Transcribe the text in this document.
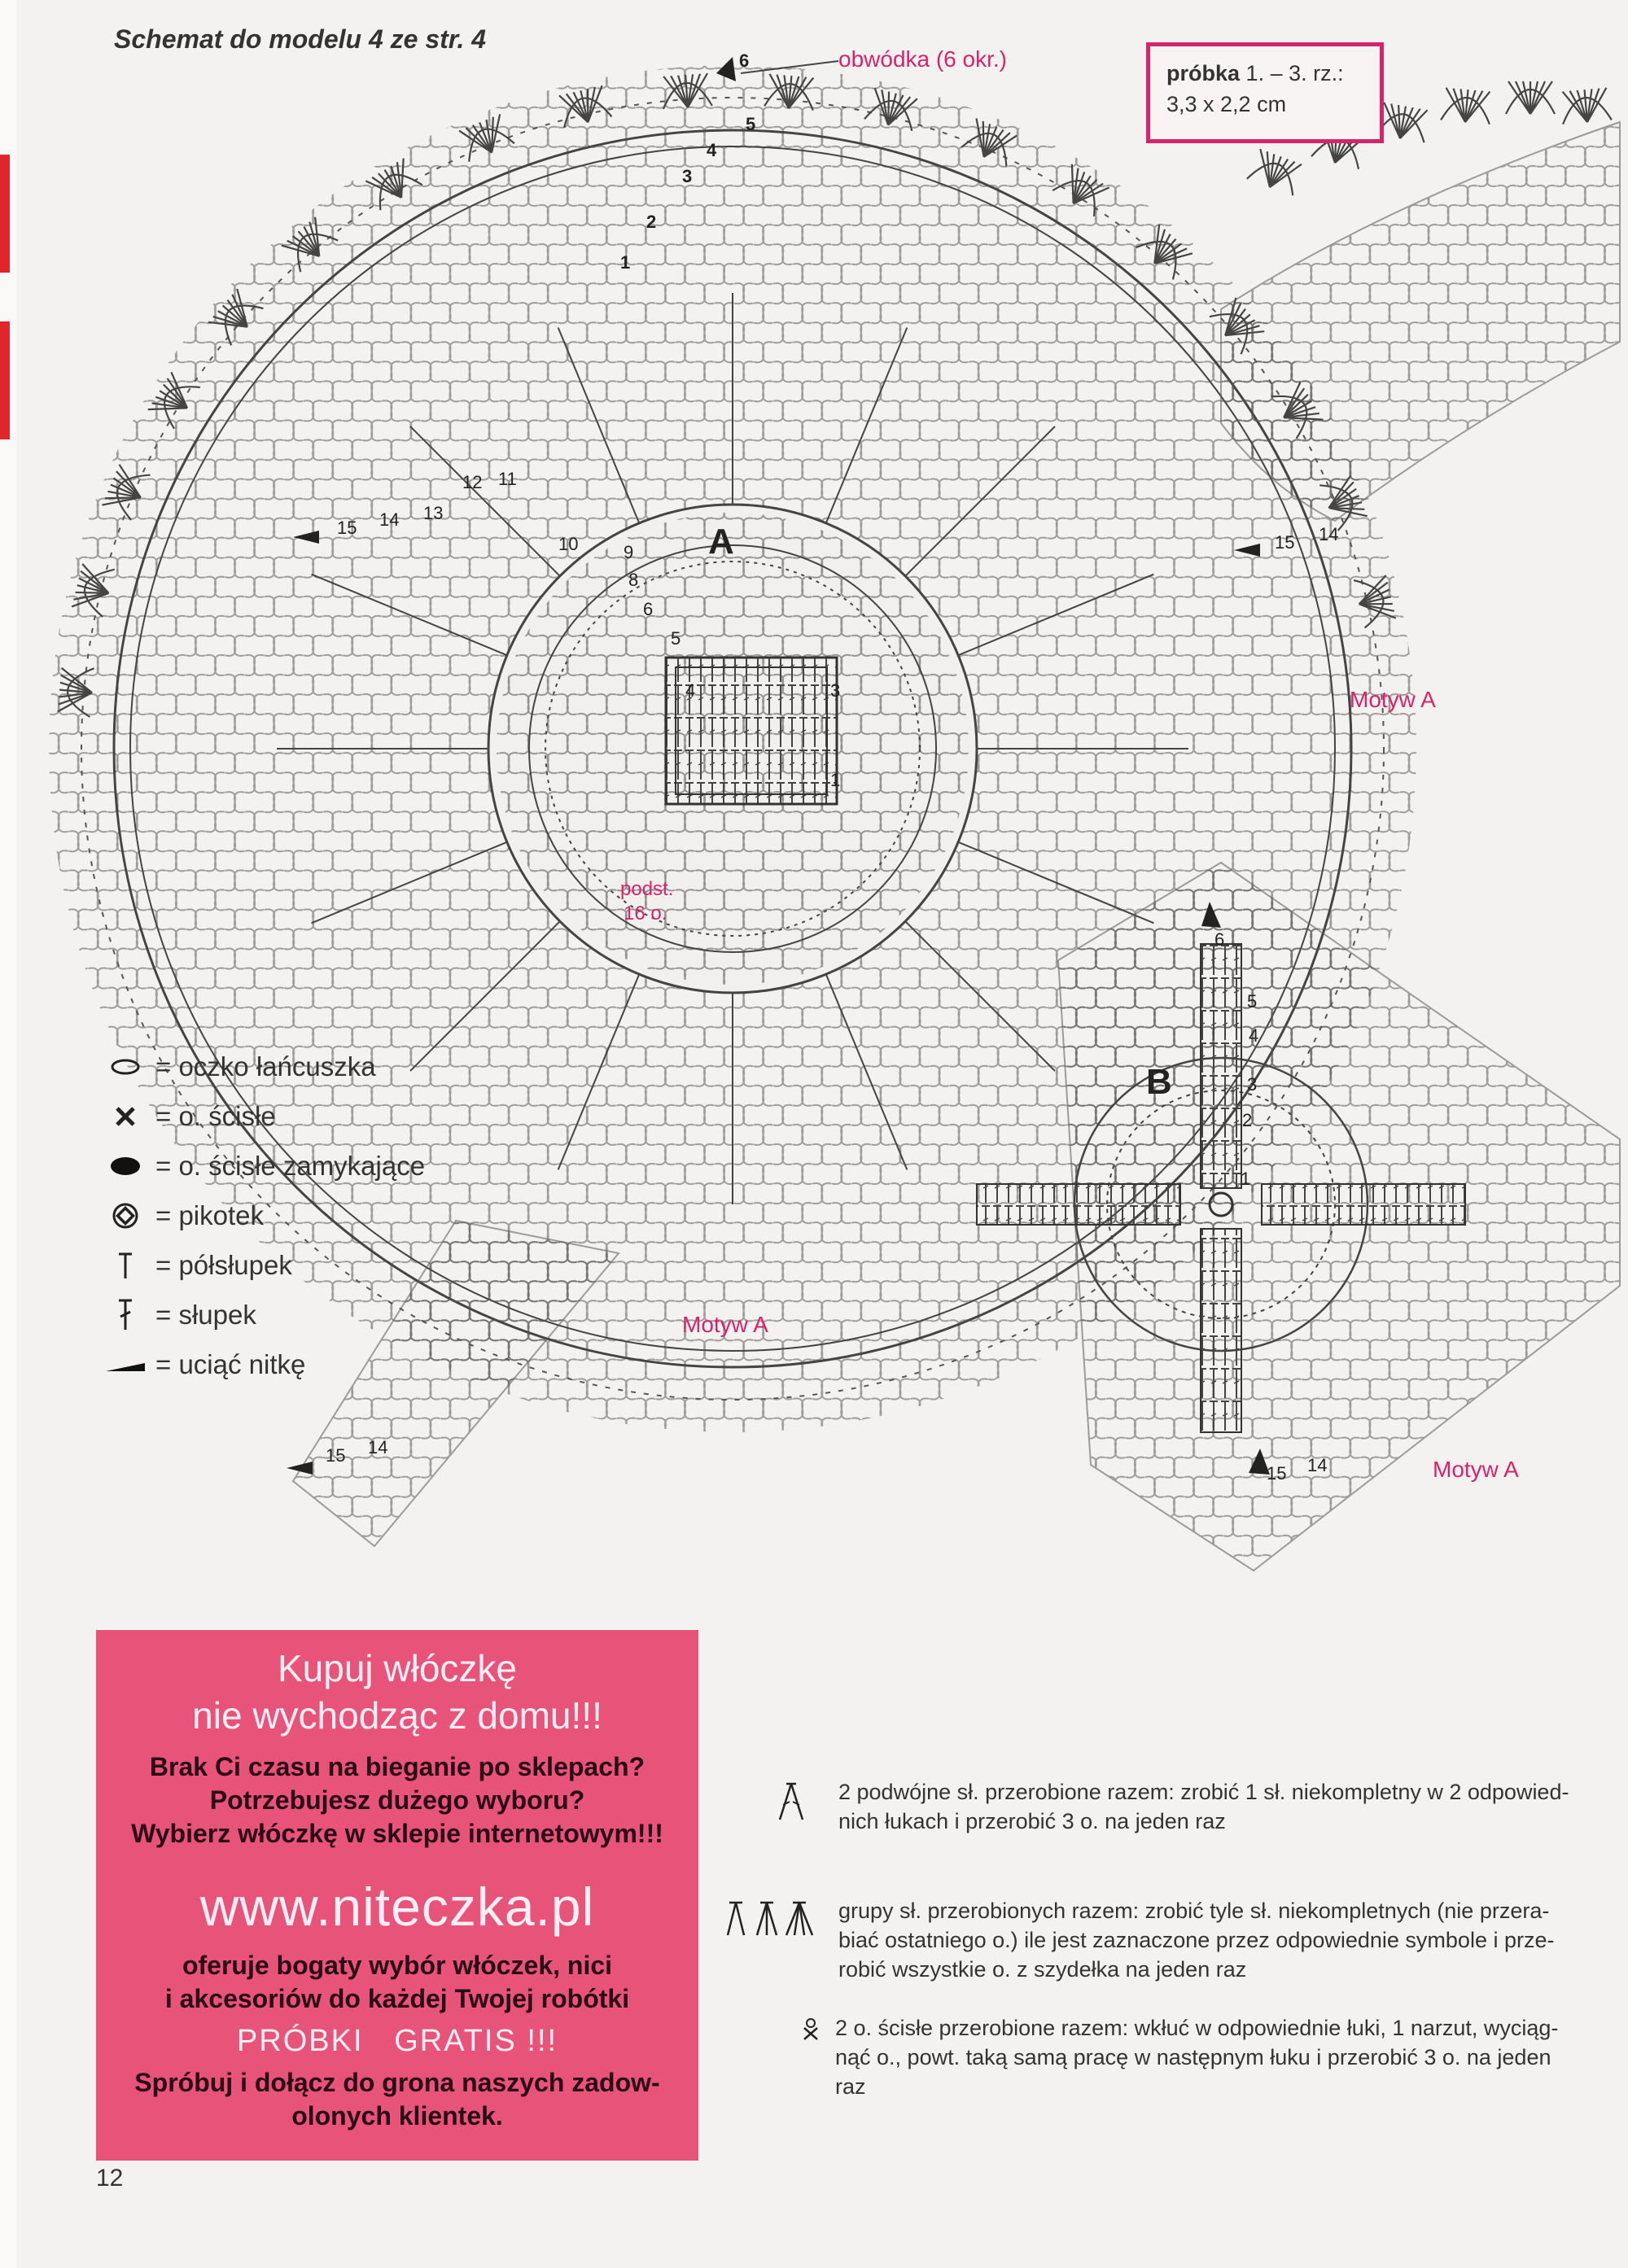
Schemat do modelu 4 ze str. 4
obwódka (6 okr.)
A
B
podst.
16 o.
6
5
4
3
2
1
15 14 13
12 11
10	9
8
6
5
4	3
1
6
5
4
3
2
1
15 14
15 14
15 14
próbka 1. – 3. rz.:
3,3 x 2,2 cm
Motyw A
Motyw A
Motyw A
= oczko łańcuszka
= o. ścisłe
= o. ścisłe zamykające
= pikotek
= półsłupek
= słupek
= uciąć nitkę
Kupuj włóczkę
nie wychodząc z domu!!!
Brak Ci czasu na bieganie po sklepach?
Potrzebujesz dużego wyboru?
Wybierz włóczkę w sklepie internetowym!!!
www.niteczka.pl
oferuje bogaty wybór włóczek, nici
i akcesoriów do każdej Twojej robótki
PRÓBKI   GRATIS !!!
Spróbuj i dołącz do grona naszych zadow-
olonych klientek.
2 podwójne sł. przerobione razem: zrobić 1 sł. niekompletny w 2 odpowied-
nich łukach i przerobić 3 o. na jeden raz
grupy sł. przerobionych razem: zrobić tyle sł. niekompletnych (nie przera-
biać ostatniego o.) ile jest zaznaczone przez odpowiednie symbole i prze-
robić wszystkie o. z szydełka na jeden raz
2 o. ścisłe przerobione razem: wkłuć w odpowiednie łuki, 1 narzut, wyciąg-
nąć o., powt. taką samą pracę w następnym łuku i przerobić 3 o. na jeden
raz
12
